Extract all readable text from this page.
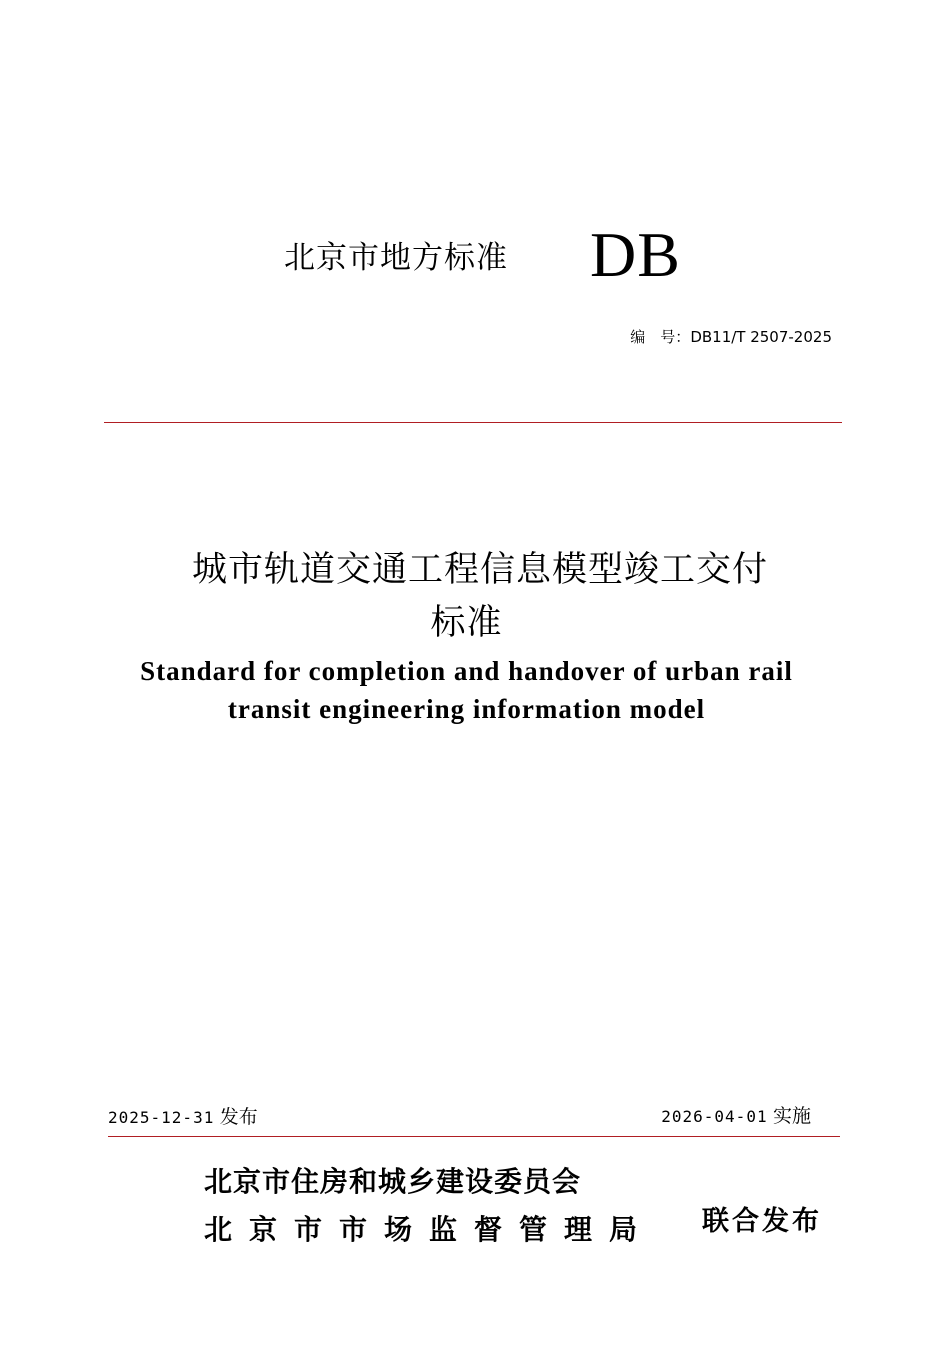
北京市地方标准 DB
编　号：DB11/T 2507-2025
城市轨道交通工程信息模型竣工交付
标准
Standard for completion and handover of urban rail
transit engineering information model
2025-12-31 发布	2026-04-01 实施
北京市住房和城乡建设委员会
北京市市场监督管理局	联合发布
